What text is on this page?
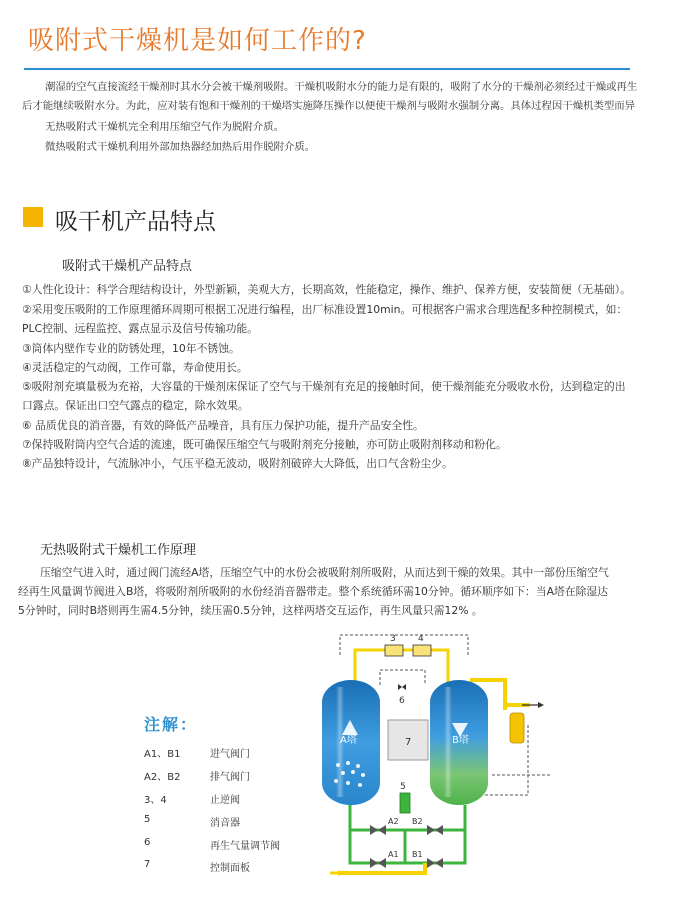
吸附式干燥机是如何工作的?
潮湿的空气直接流经干燥剂时其水分会被干燥剂吸附。干燥机吸附水分的能力是有限的，吸附了水分的干燥剂必须经过干燥或再生
后才能继续吸附水分。为此，应对装有饱和干燥剂的干燥塔实施降压操作以便使干燥剂与吸附水强制分离。具体过程因干燥机类型而异
无热吸附式干燥机完全利用压缩空气作为脱附介质。
微热吸附式干燥机利用外部加热器经加热后用作脱附介质。
吸干机产品特点
吸附式干燥机产品特点
①人性化设计：科学合理结构设计，外型新颖，美观大方，长期高效，性能稳定，操作、维护、保养方便，安装简便（无基础）。
②采用变压吸附的工作原理循环周期可根据工况进行编程，出厂标准设置10min。可根据客户需求合理选配多种控制模式，如：
PLC控制、远程监控、露点显示及信号传输功能。
③筒体内壁作专业的防锈处理，10年不锈蚀。
④灵活稳定的气动阀，工作可靠，寿命使用长。
⑤吸附剂充填量极为充裕，大容量的干燥剂床保证了空气与干燥剂有充足的接触时间，使干燥剂能充分吸收水份，达到稳定的出
口露点。保证出口空气露点的稳定，除水效果。
⑥ 品质优良的消音器，有效的降低产品噪音，具有压力保护功能，提升产品安全性。
⑦保持吸附筒内空气合适的流速，既可确保压缩空气与吸附剂充分接触，亦可防止吸附剂移动和粉化。
⑧产品独特设计，气流脉冲小，气压平稳无波动，吸附剂破碎大大降低，出口气含粉尘少。
无热吸附式干燥机工作原理
压缩空气进入时，通过阀门流经A塔，压缩空气中的水份会被吸附剂所吸附，从而达到干燥的效果。其中一部份压缩空气
经再生风量调节阀进入B塔，将吸附剂所吸附的水份经消音器带走。整个系统循环需10分钟。循环顺序如下：当A塔在除湿达
5分钟时，同时B塔则再生需4.5分钟，续压需0.5分钟，这样两塔交互运作，再生风量只需12% 。
注解：
A1、B1	进气阀门
A2、B2	排气阀门
3、4	止逆阀
5	消音器
6	再生气量调节阀
7	控制面板
6
3 4
A塔	B塔
7
5
A2 B2
A1 B1
